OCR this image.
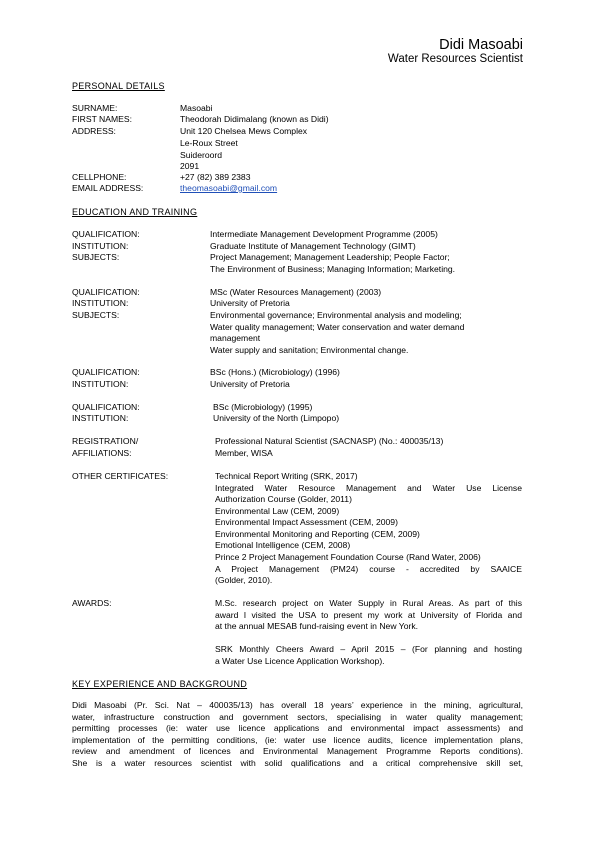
Didi Masoabi
Water Resources Scientist
PERSONAL DETAILS
SURNAME:	Masoabi
FIRST NAMES:	Theodorah Didimalang (known as Didi)
ADDRESS:	Unit 120 Chelsea Mews Complex
Le-Roux Street
Suideroord
2091
CELLPHONE:	+27 (82) 389 2383
EMAIL ADDRESS:	theomasoabi@gmail.com
EDUCATION AND TRAINING
QUALIFICATION:	Intermediate Management Development Programme (2005)
INSTITUTION:	Graduate Institute of Management Technology (GIMT)
SUBJECTS:	Project Management; Management Leadership; People Factor;
The Environment of Business; Managing Information; Marketing.
QUALIFICATION:	MSc (Water Resources Management) (2003)
INSTITUTION:	University of Pretoria
SUBJECTS:	Environmental governance; Environmental analysis and modeling;
Water quality management; Water conservation and water demand
management
Water supply and sanitation; Environmental change.
QUALIFICATION:	BSc (Hons.) (Microbiology) (1996)
INSTITUTION:	University of Pretoria
QUALIFICATION:	BSc (Microbiology) (1995)
INSTITUTION:	University of the North (Limpopo)
REGISTRATION/	Professional Natural Scientist (SACNASP) (No.: 400035/13)
AFFILIATIONS:	Member, WISA
OTHER CERTIFICATES:	Technical Report Writing (SRK, 2017)
Integrated Water Resource Management and Water Use License
Authorization Course (Golder, 2011)
Environmental Law (CEM, 2009)
Environmental Impact Assessment (CEM, 2009)
Environmental Monitoring and Reporting (CEM, 2009)
Emotional Intelligence (CEM, 2008)
Prince 2 Project Management Foundation Course (Rand Water, 2006)
A Project Management (PM24) course - accredited by SAAICE
(Golder, 2010).
AWARDS:	M.Sc. research project on Water Supply in Rural Areas. As part of this
award I visited the USA to present my work at University of Florida and
at the annual MESAB fund-raising event in New York.
SRK Monthly Cheers Award – April 2015 – (For planning and hosting
a Water Use Licence Application Workshop).
KEY EXPERIENCE AND BACKGROUND
Didi Masoabi (Pr. Sci. Nat – 400035/13) has overall 18 years’ experience in the mining, agricultural,
water, infrastructure construction and government sectors, specialising in water quality management;
permitting processes (ie: water use licence applications and environmental impact assessments) and
implementation of the permitting conditions, (ie: water use licence audits, licence implementation plans,
review and amendment of licences and Environmental Management Programme Reports conditions).
She is a water resources scientist with solid qualifications and a critical comprehensive skill set,
